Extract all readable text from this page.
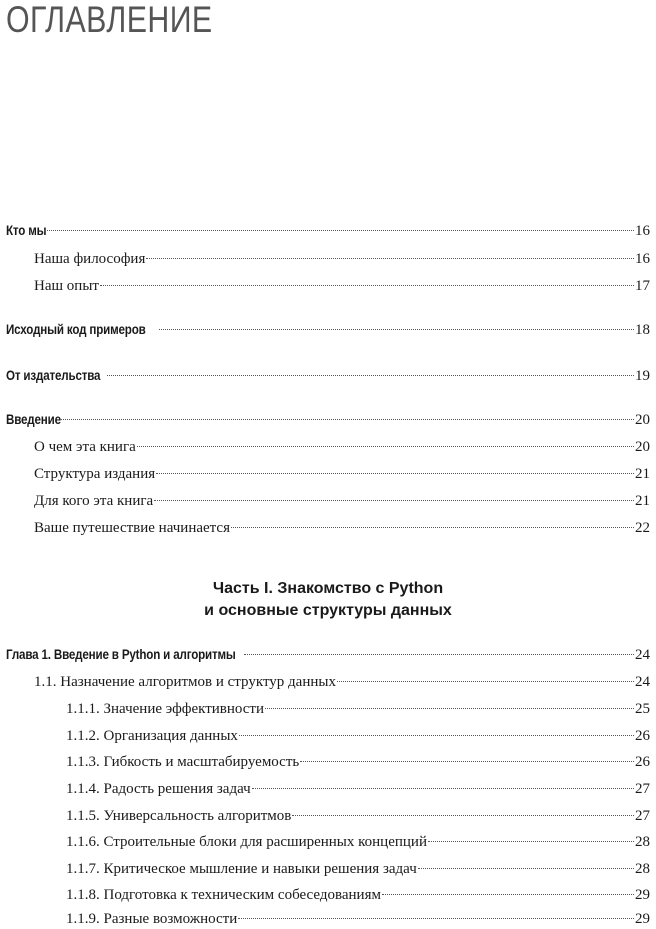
ОГЛАВЛЕНИЕ
Кто мы	16
Наша философия	16
Наш опыт	17
Исходный код примеров	18
От издательства	19
Введение	20
О чем эта книга	20
Структура издания	21
Для кого эта книга	21
Ваше путешествие начинается	22
Часть I. Знакомство с Python
и основные структуры данных
Глава 1. Введение в Python и алгоритмы	24
1.1. Назначение алгоритмов и структур данных	24
1.1.1. Значение эффективности	25
1.1.2. Организация данных	26
1.1.3. Гибкость и масштабируемость	26
1.1.4. Радость решения задач	27
1.1.5. Универсальность алгоритмов	27
1.1.6. Строительные блоки для расширенных концепций	28
1.1.7. Критическое мышление и навыки решения задач	28
1.1.8. Подготовка к техническим собеседованиям	29
1.1.9. Разные возможности	29
